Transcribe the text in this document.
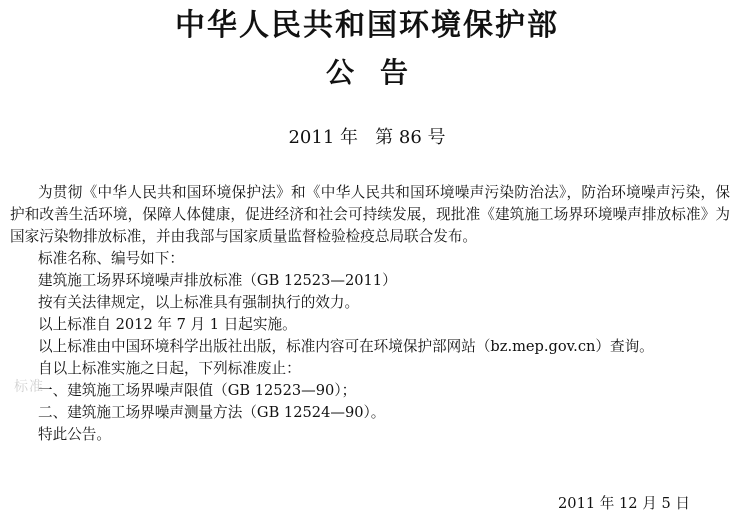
中华人民共和国环境保护部
公告
2011 年   第 86 号

为贯彻《中华人民共和国环境保护法》和《中华人民共和国环境噪声污染防治法》，防治环境噪声污染，保护和改善生活环境，保障人体健康，促进经济和社会可持续发展，现批准《建筑施工场界环境噪声排放标准》为国家污染物排放标准，并由我部与国家质量监督检验检疫总局联合发布。

标准名称、编号如下：

建筑施工场界环境噪声排放标准（GB 12523—2011）

按有关法律规定，以上标准具有强制执行的效力。

以上标准自 2012 年 7 月 1 日起实施。

以上标准由中国环境科学出版社出版，标准内容可在环境保护部网站（bz.mep.gov.cn）查询。

自以上标准实施之日起，下列标准废止：

一、建筑施工场界噪声限值（GB 12523—90）；

二、建筑施工场界噪声测量方法（GB 12524—90）。

特此公告。

标准
2011 年 12 月 5 日
